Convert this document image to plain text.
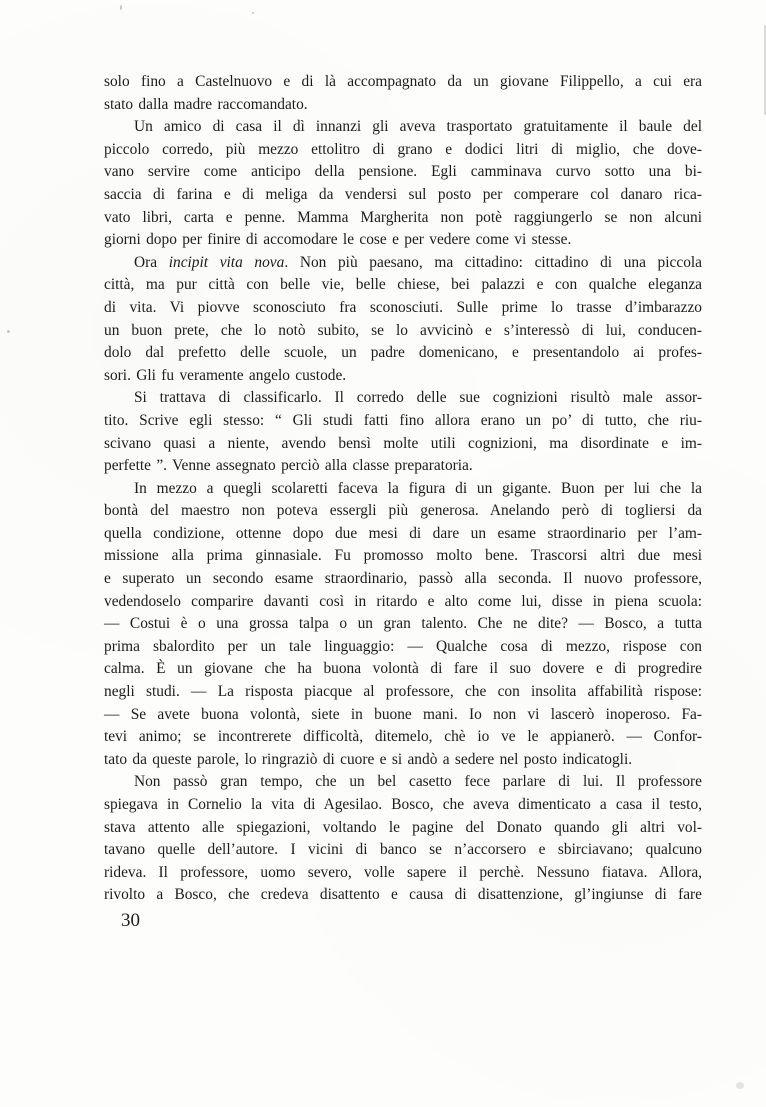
solo fino a Castelnuovo e di là accompagnato da un giovane Filippello, a cui era
stato dalla madre raccomandato.
Un amico di casa il dì innanzi gli aveva trasportato gratuitamente il baule del
piccolo corredo, più mezzo ettolitro di grano e dodici litri di miglio, che dove-
vano servire come anticipo della pensione. Egli camminava curvo sotto una bi-
saccia di farina e di meliga da vendersi sul posto per comperare col danaro rica-
vato libri, carta e penne. Mamma Margherita non potè raggiungerlo se non alcuni
giorni dopo per finire di accomodare le cose e per vedere come vi stesse.
Ora incipit vita nova. Non più paesano, ma cittadino: cittadino di una piccola
città, ma pur città con belle vie, belle chiese, bei palazzi e con qualche eleganza
di vita. Vi piovve sconosciuto fra sconosciuti. Sulle prime lo trasse d’imbarazzo
un buon prete, che lo notò subito, se lo avvicinò e s’interessò di lui, conducen-
dolo dal prefetto delle scuole, un padre domenicano, e presentandolo ai profes-
sori. Gli fu veramente angelo custode.
Si trattava di classificarlo. Il corredo delle sue cognizioni risultò male assor-
tito. Scrive egli stesso: “ Gli studi fatti fino allora erano un po’ di tutto, che riu-
scivano quasi a niente, avendo bensì molte utili cognizioni, ma disordinate e im-
perfette ”. Venne assegnato perciò alla classe preparatoria.
In mezzo a quegli scolaretti faceva la figura di un gigante. Buon per lui che la
bontà del maestro non poteva essergli più generosa. Anelando però di togliersi da
quella condizione, ottenne dopo due mesi di dare un esame straordinario per l’am-
missione alla prima ginnasiale. Fu promosso molto bene. Trascorsi altri due mesi
e superato un secondo esame straordinario, passò alla seconda. Il nuovo professore,
vedendoselo comparire davanti così in ritardo e alto come lui, disse in piena scuola:
— Costui è o una grossa talpa o un gran talento. Che ne dite? — Bosco, a tutta
prima sbalordito per un tale linguaggio: — Qualche cosa di mezzo, rispose con
calma. È un giovane che ha buona volontà di fare il suo dovere e di progredire
negli studi. — La risposta piacque al professore, che con insolita affabilità rispose:
— Se avete buona volontà, siete in buone mani. Io non vi lascerò inoperoso. Fa-
tevi animo; se incontrerete difficoltà, ditemelo, chè io ve le appianerò. — Confor-
tato da queste parole, lo ringraziò di cuore e si andò a sedere nel posto indicatogli.
Non passò gran tempo, che un bel casetto fece parlare di lui. Il professore
spiegava in Cornelio la vita di Agesilao. Bosco, che aveva dimenticato a casa il testo,
stava attento alle spiegazioni, voltando le pagine del Donato quando gli altri vol-
tavano quelle dell’autore. I vicini di banco se n’accorsero e sbirciavano; qualcuno
rideva. Il professore, uomo severo, volle sapere il perchè. Nessuno fiatava. Allora,
rivolto a Bosco, che credeva disattento e causa di disattenzione, gl’ingiunse di fare
30
